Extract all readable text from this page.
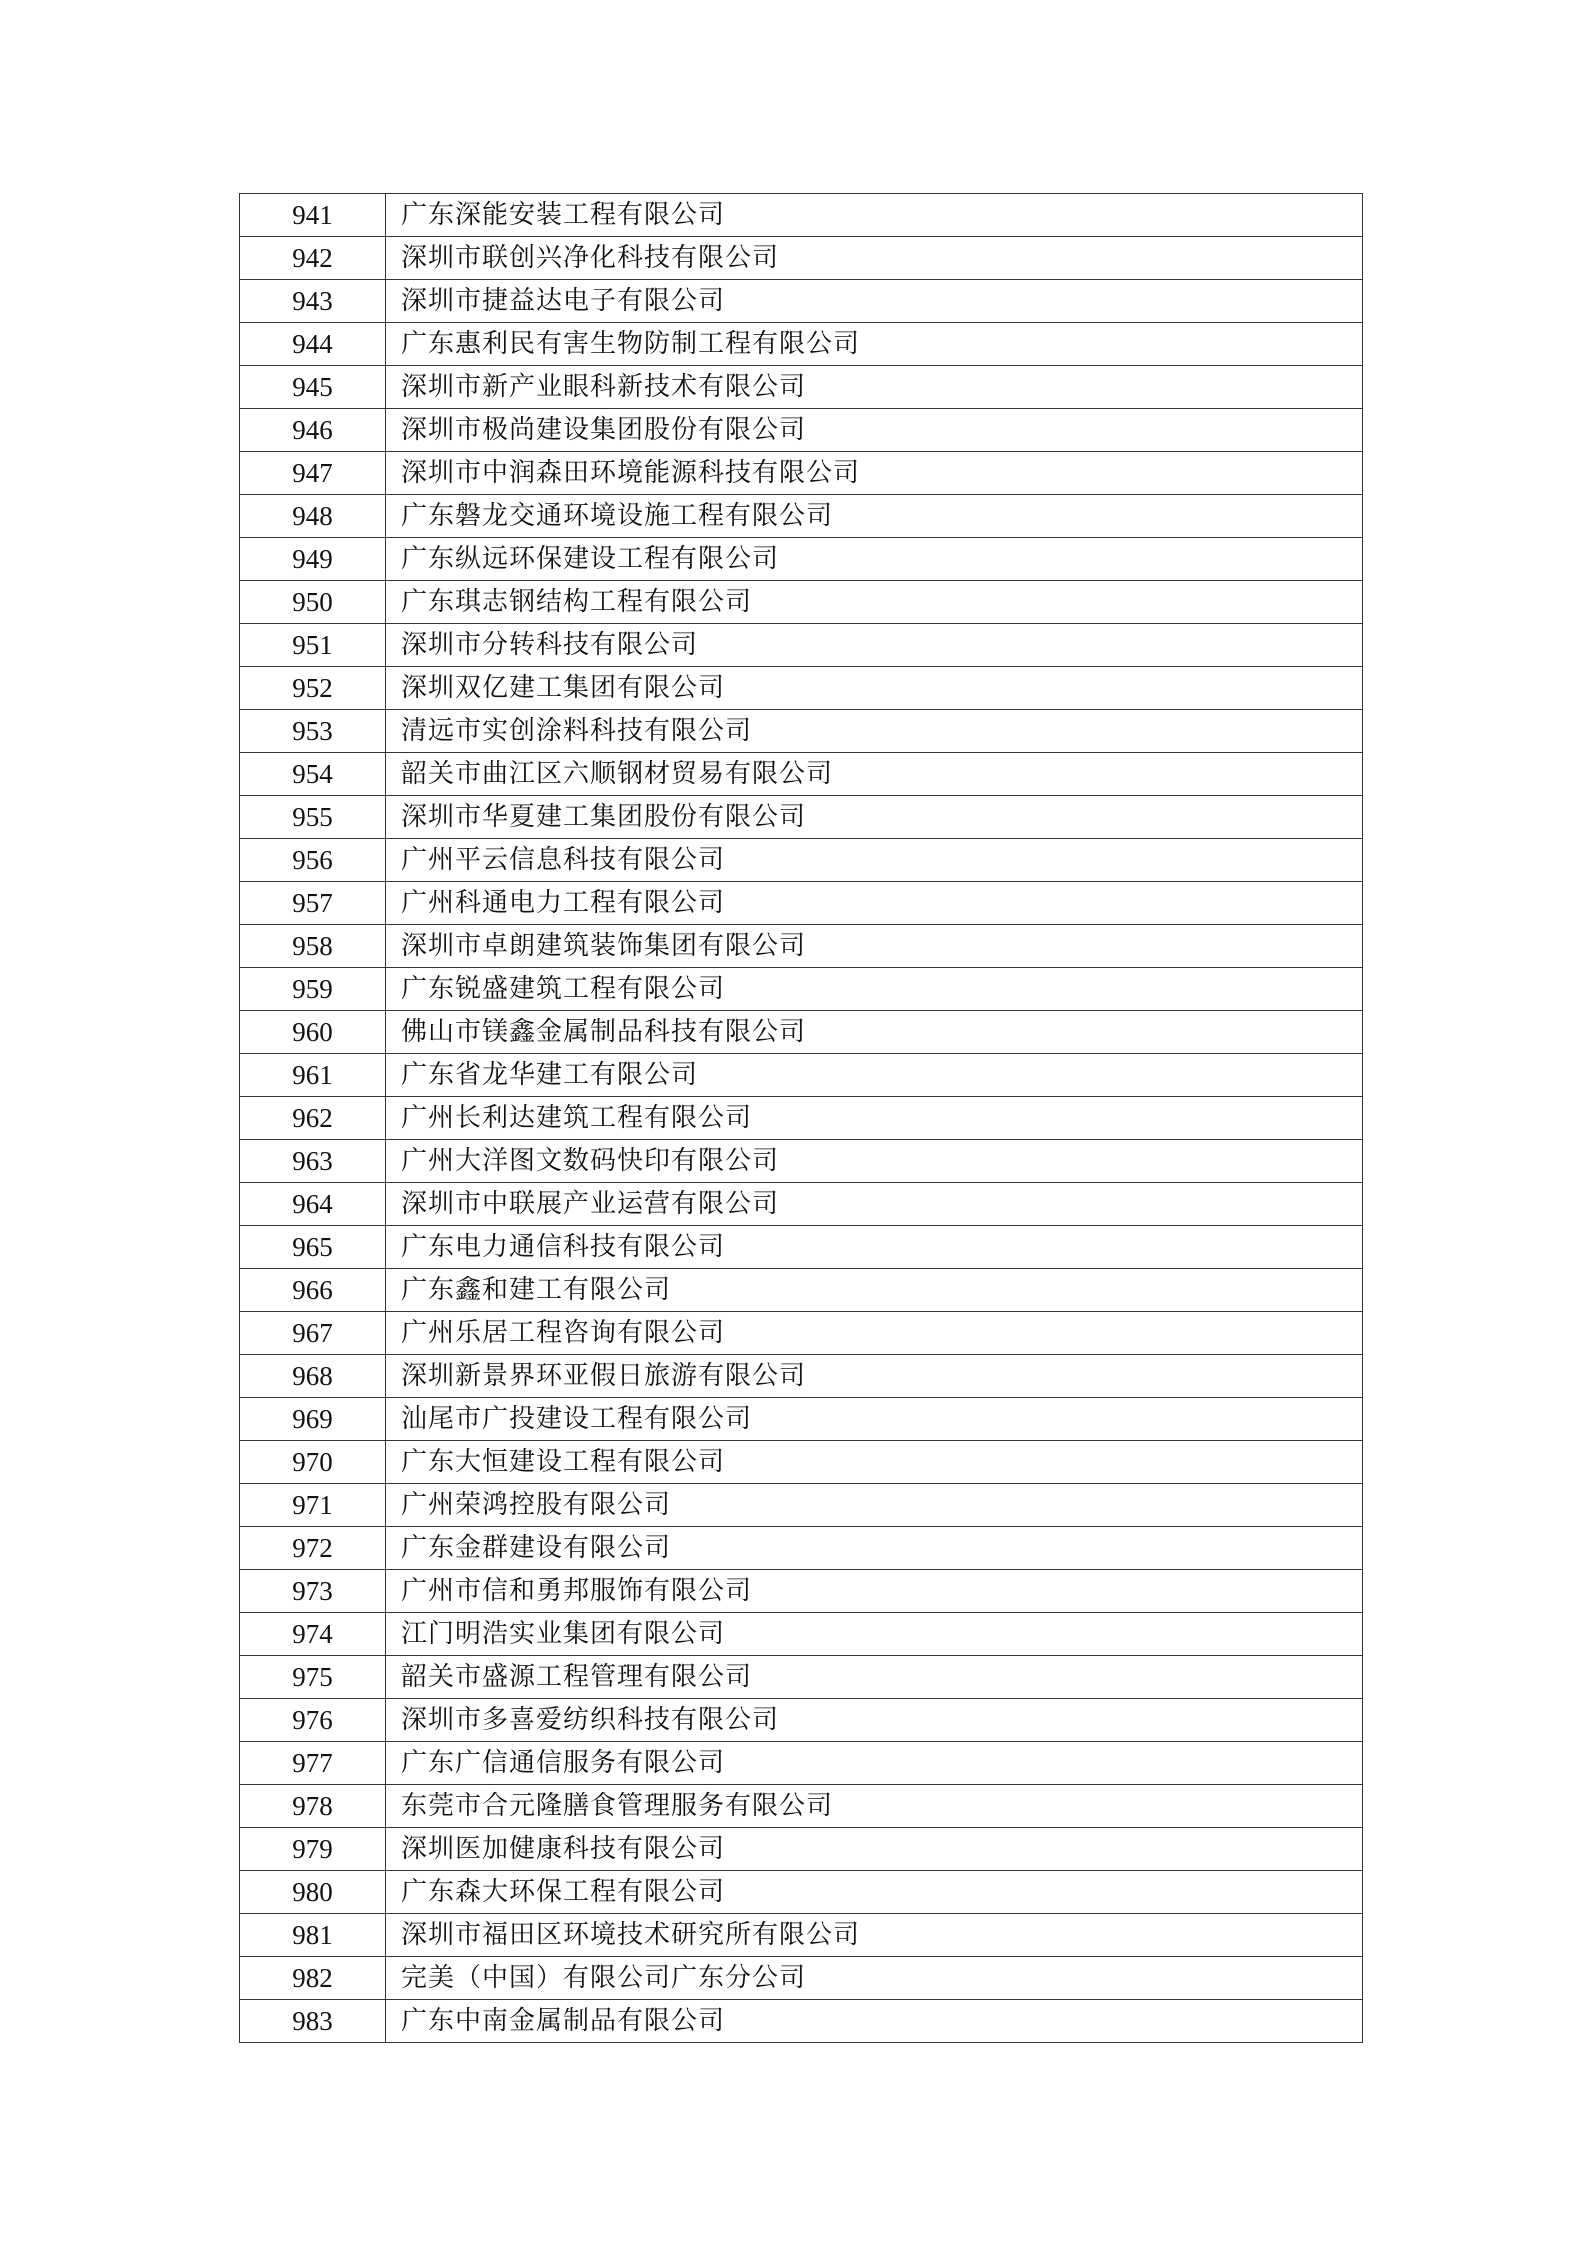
941	广东深能安装工程有限公司
942	深圳市联创兴净化科技有限公司
943	深圳市捷益达电子有限公司
944	广东惠利民有害生物防制工程有限公司
945	深圳市新产业眼科新技术有限公司
946	深圳市极尚建设集团股份有限公司
947	深圳市中润森田环境能源科技有限公司
948	广东磐龙交通环境设施工程有限公司
949	广东纵远环保建设工程有限公司
950	广东琪志钢结构工程有限公司
951	深圳市分转科技有限公司
952	深圳双亿建工集团有限公司
953	清远市实创涂料科技有限公司
954	韶关市曲江区六顺钢材贸易有限公司
955	深圳市华夏建工集团股份有限公司
956	广州平云信息科技有限公司
957	广州科通电力工程有限公司
958	深圳市卓朗建筑装饰集团有限公司
959	广东锐盛建筑工程有限公司
960	佛山市镁鑫金属制品科技有限公司
961	广东省龙华建工有限公司
962	广州长利达建筑工程有限公司
963	广州大洋图文数码快印有限公司
964	深圳市中联展产业运营有限公司
965	广东电力通信科技有限公司
966	广东鑫和建工有限公司
967	广州乐居工程咨询有限公司
968	深圳新景界环亚假日旅游有限公司
969	汕尾市广投建设工程有限公司
970	广东大恒建设工程有限公司
971	广州荣鸿控股有限公司
972	广东金群建设有限公司
973	广州市信和勇邦服饰有限公司
974	江门明浩实业集团有限公司
975	韶关市盛源工程管理有限公司
976	深圳市多喜爱纺织科技有限公司
977	广东广信通信服务有限公司
978	东莞市合元隆膳食管理服务有限公司
979	深圳医加健康科技有限公司
980	广东森大环保工程有限公司
981	深圳市福田区环境技术研究所有限公司
982	完美（中国）有限公司广东分公司
983	广东中南金属制品有限公司
